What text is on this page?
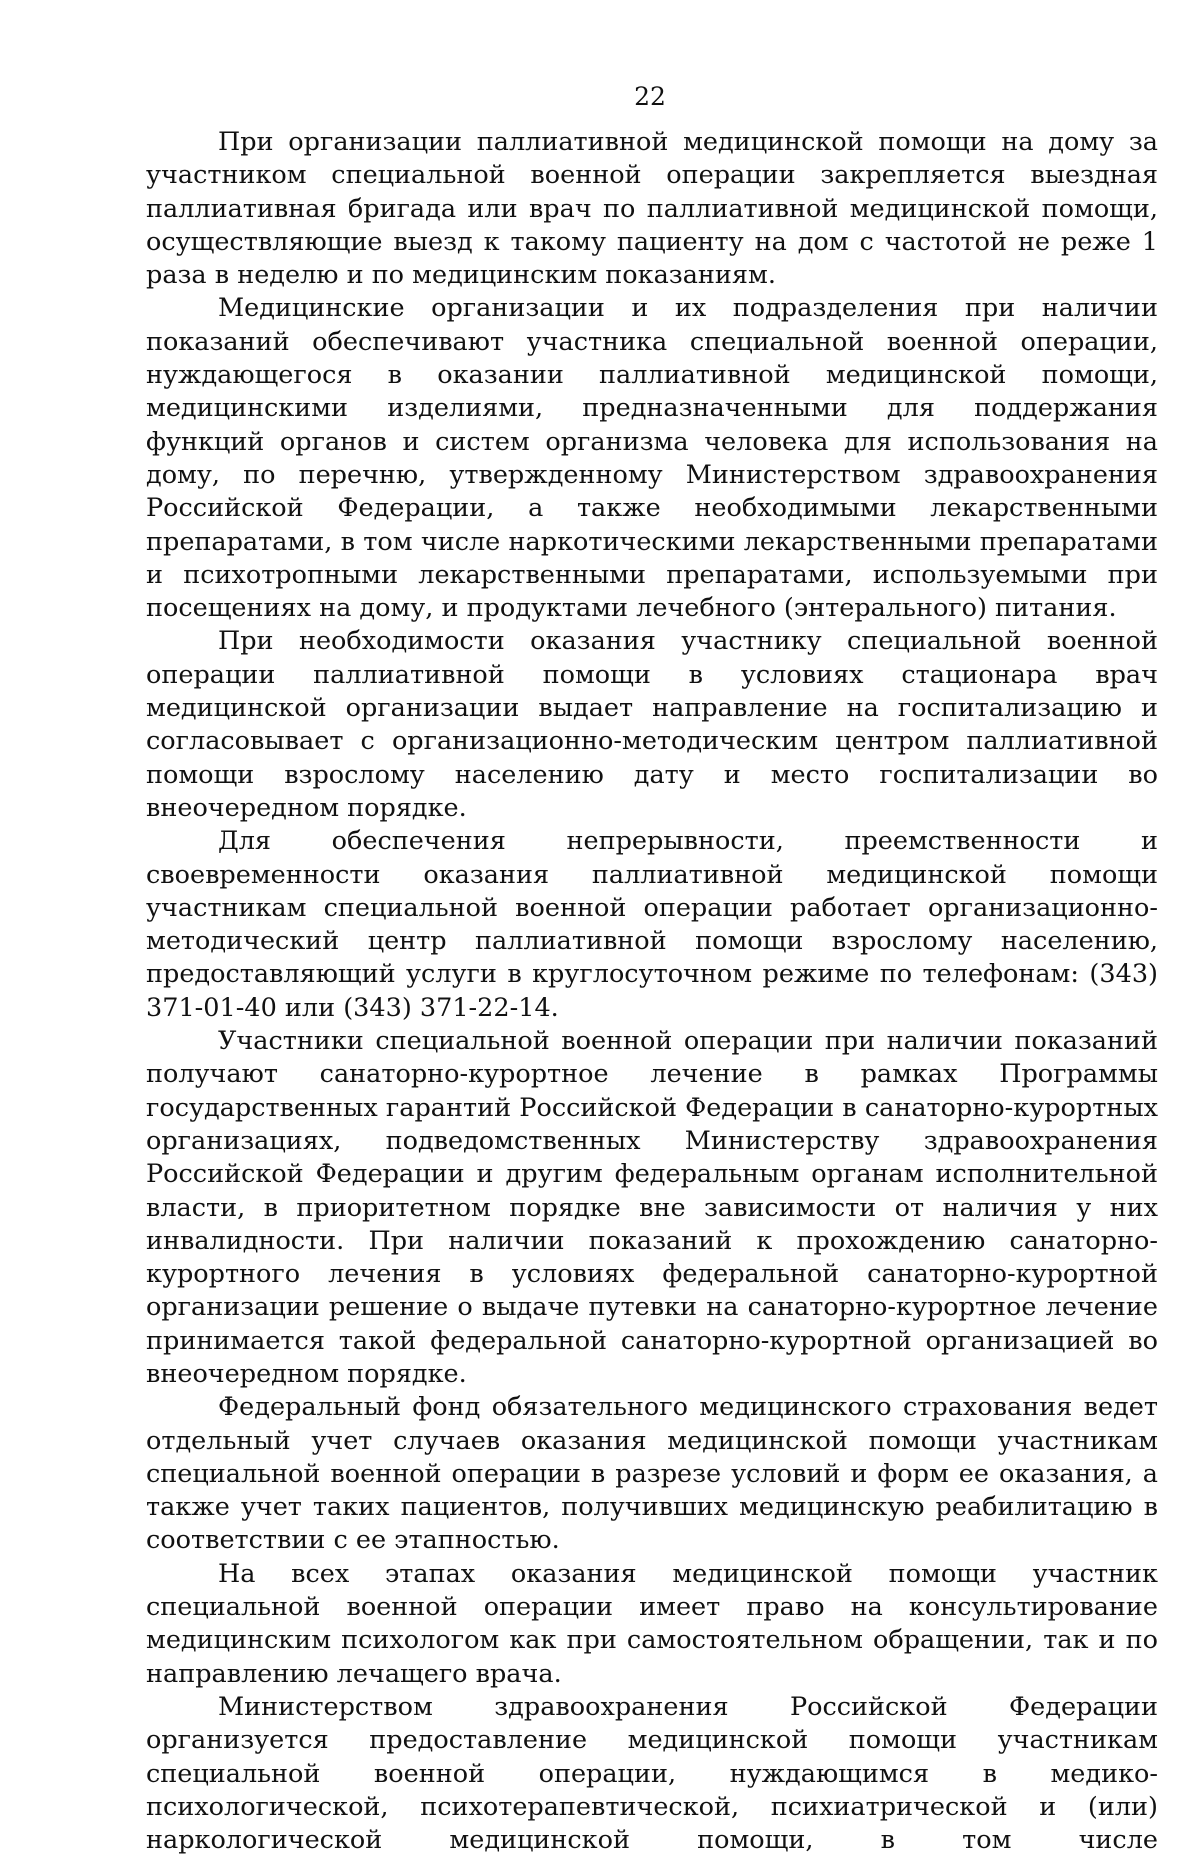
22

При организации паллиативной медицинской помощи на дому за участником специальной военной операции закрепляется выездная паллиативная бригада или врач по паллиативной медицинской помощи, осуществляющие выезд к такому пациенту на дом с частотой не реже 1 раза в неделю и по медицинским показаниям.

Медицинские организации и их подразделения при наличии показаний обеспечивают участника специальной военной операции, нуждающегося в оказании паллиативной медицинской помощи, медицинскими изделиями, предназначенными для поддержания функций органов и систем организма человека для использования на дому, по перечню, утвержденному Министерством здравоохранения Российской Федерации, а также необходимыми лекарственными препаратами, в том числе наркотическими лекарственными препаратами и психотропными лекарственными препаратами, используемыми при посещениях на дому, и продуктами лечебного (энтерального) питания.

При необходимости оказания участнику специальной военной операции паллиативной помощи в условиях стационара врач медицинской организации выдает направление на госпитализацию и согласовывает с организационно-методическим центром паллиативной помощи взрослому населению дату и место госпитализации во внеочередном порядке.

Для обеспечения непрерывности, преемственности и своевременности оказания паллиативной медицинской помощи участникам специальной военной операции работает организационно-методический центр паллиативной помощи взрослому населению, предоставляющий услуги в круглосуточном режиме по телефонам: (343) 371-01-40 или (343) 371-22-14.

Участники специальной военной операции при наличии показаний получают санаторно-курортное лечение в рамках Программы государственных гарантий Российской Федерации в санаторно-курортных организациях, подведомственных Министерству здравоохранения Российской Федерации и другим федеральным органам исполнительной власти, в приоритетном порядке вне зависимости от наличия у них инвалидности. При наличии показаний к прохождению санаторно-курортного лечения в условиях федеральной санаторно-курортной организации решение о выдаче путевки на санаторно-курортное лечение принимается такой федеральной санаторно-курортной организацией во внеочередном порядке.

Федеральный фонд обязательного медицинского страхования ведет отдельный учет случаев оказания медицинской помощи участникам специальной военной операции в разрезе условий и форм ее оказания, а также учет таких пациентов, получивших медицинскую реабилитацию в соответствии с ее этапностью.

На всех этапах оказания медицинской помощи участник специальной военной операции имеет право на консультирование медицинским психологом как при самостоятельном обращении, так и по направлению лечащего врача.

Министерством здравоохранения Российской Федерации организуется предоставление медицинской помощи участникам специальной военной операции, нуждающимся в медико-психологической, психотерапевтической, психиатрической и (или) наркологической медицинской помощи, в том числе
